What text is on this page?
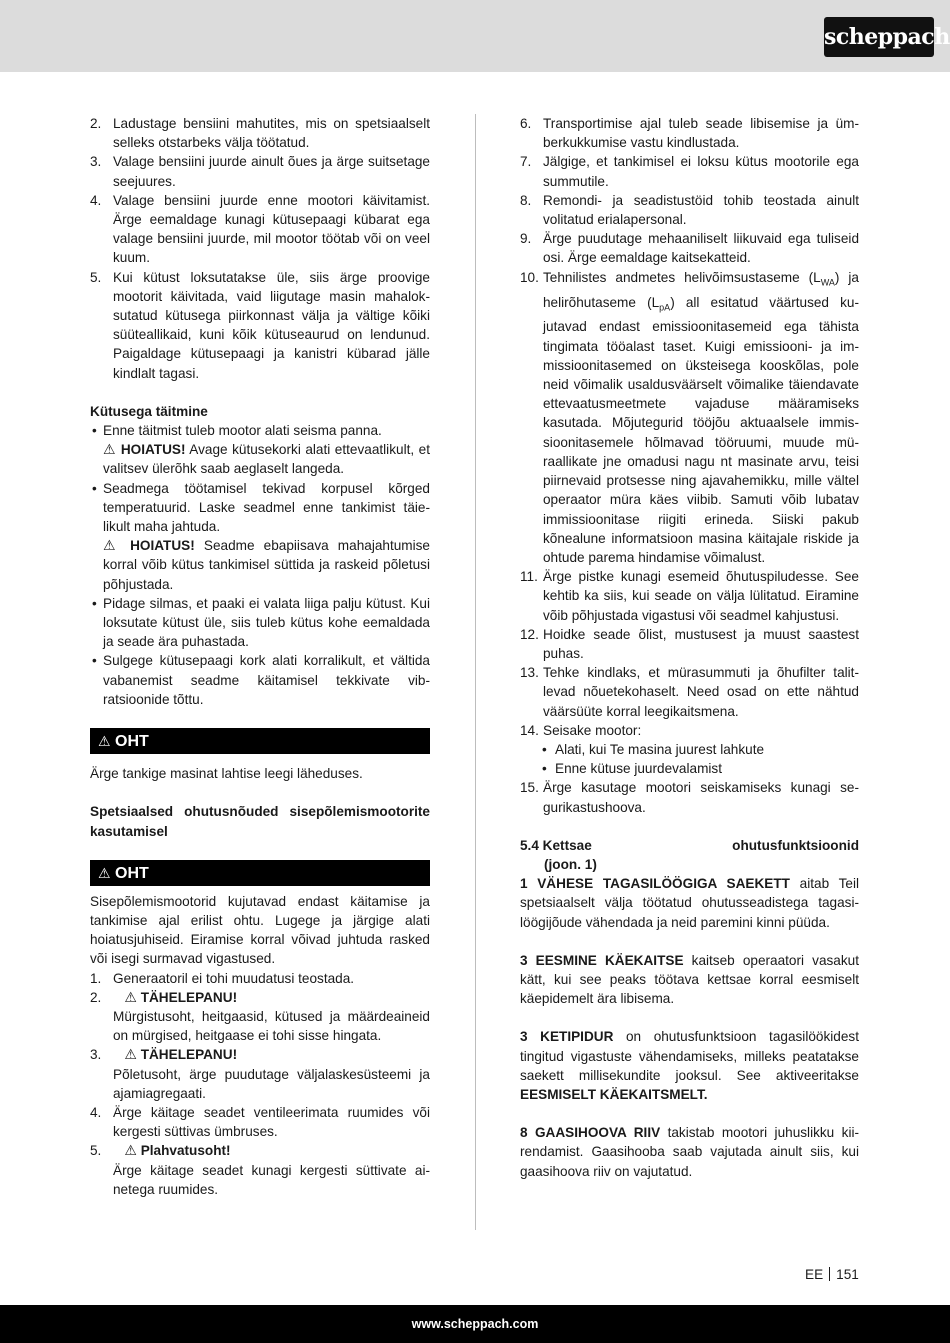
scheppach
2. Ladustage bensiini mahutites, mis on spetsiaalselt selleks otstarbeks välja töötatud.
3. Valage bensiini juurde ainult õues ja ärge suitsetage seejuures.
4. Valage bensiini juurde enne mootori käivitamist. Ärge eemaldage kunagi kütusepaagi kübarat ega valage bensiini juurde, mil mootor töötab või on veel kuum.
5. Kui kütust loksutatakse üle, siis ärge proovige mootorit käivitada, vaid liigutage masin mahaloksutatud kütusega piirkonnast välja ja vältige kõiki süüteallikaid, kuni kõik kütuseaurud on lendunud. Paigaldage kütusepaagi ja kanistri kübarad jälle kindlalt tagasi.
Kütusega täitmine
• Enne täitmist tuleb mootor alati seisma panna.
⚠ HOIATUS! Avage kütusekorki alati ettevaatlikult, et valitsev ülerõhk saab aeglaselt langeda.
• Seadmega töötamisel tekivad korpusel kõrged temperatuurid. Laske seadmel enne tankimist täielikult maha jahtuda.
⚠ HOIATUS! Seadme ebapiisava mahajahtumise korral võib kütus tankimisel süttida ja raskeid põletusi põhjustada.
• Pidage silmas, et paaki ei valata liiga palju kütust. Kui loksutate kütust üle, siis tuleb kütus kohe eemaldada ja seade ära puhastada.
• Sulgege kütusepaagi kork alati korralikult, et vältida vabanemist seadme käitamisel tekkivate vibratsioonide tõttu.
⚠ OHT
Ärge tankige masinat lahtise leegi läheduses.
Spetsiaalsed ohutusnõuded sisepõlemismootorite kasutamisel
⚠ OHT
Sisepõlemismootorid kujutavad endast käitamise ja tankimise ajal erilist ohtu. Lugege ja järgige alati hoiatusjuhiseid. Eiramise korral võivad juhtuda rasked või isegi surmavad vigastused.
1. Generaatoril ei tohi muudatusi teostada.
2. ⚠ TÄHELEPANU!
Mürgistusoht, heitgaasid, kütused ja määrdeaineid on mürgised, heitgaase ei tohi sisse hingata.
3. ⚠ TÄHELEPANU!
Põletusoht, ärge puudutage väljalaskesüsteemi ja ajamiagregaati.
4. Ärge käitage seadet ventileerimata ruumides või kergesti süttivas ümbruses.
5. ⚠ Plahvatusoht!
Ärge käitage seadet kunagi kergesti süttivate ainetega ruumides.
6. Transportimise ajal tuleb seade libisemise ja ümberkukkumise vastu kindlustada.
7. Jälgige, et tankimisel ei loksu kütus mootorile ega summutile.
8. Remondi- ja seadistustöid tohib teostada ainult volitatud erialapersonal.
9. Ärge puudutage mehaaniliselt liikuvaid ega tuliseid osi. Ärge eemaldage kaitsekatteid.
10. Tehnilistes andmetes helivõimsustaseme $(L_{WA})$ ja helirõhutaseme $(L_{pA})$ all esitatud väärtused kujutavad endast emissioonitasemeid ega tähista tingimata tööalast taset. Kuigi emissiooni- ja immissioonitasemed on üksteisega kooskõlas, pole neid võimalik usaldusväärselt võimalike täiendavate ettevaatusmeetmete vajaduse määramiseks kasutada. Mõjutegurid tööjõu aktuaalsele immissioonitasemele hõlmavad tööruumi, muude müraallikate jne omadusi nagu nt masinate arvu, teisi piirnevaid protsesse ning ajavahemikku, mille vältel operaator müra käes viibib. Samuti võib lubatav immissioonitase riigiti erineda. Siiski pakub kõnealune informatsioon masina käitajale riskide ja ohtude parema hindamise võimalust.
11. Ärge pistke kunagi esemeid õhutuspiludesse. See kehtib ka siis, kui seade on välja lülitatud. Eiramine võib põhjustada vigastusi või seadmel kahjustusi.
12. Hoidke seade õlist, mustusest ja muust saastest puhas.
13. Tehke kindlaks, et mürasummuti ja õhufilter talitlevad nõuetekohaselt. Need osad on ette nähtud väärsüüte korral leegikaitsmena.
14. Seisake mootor:
• Alati, kui Te masina juurest lahkute
• Enne kütuse juurdevalamist
15. Ärge kasutage mootori seiskamiseks kunagi segurikastushoova.
5.4 Kettsae	ohutusfunktsioonid
(joon. 1)
1 VÄHESE TAGASILÖÖGIGA SAEKETT aitab Teil spetsiaalselt välja töötatud ohutusseadistega tagasilöögijõude vähendada ja neid paremini kinni püüda.
3 EESMINE KÄEKAITSE kaitseb operaatori vasakut kätt, kui see peaks töötava kettsae korral eesmiselt käepidemelt ära libisema.
3 KETIPIDUR on ohutusfunktsioon tagasilöökidest tingitud vigastuste vähendamiseks, milleks peatatakse saekett millisekundite jooksul. See aktiveeritakse EESMISELT KÄEKAITSMELT.
8 GAASIHOOVA RIIV takistab mootori juhuslikku kiirendamist. Gaasihooba saab vajutada ainult siis, kui gaasihoova riiv on vajutatud.
EE 151
www.scheppach.com
